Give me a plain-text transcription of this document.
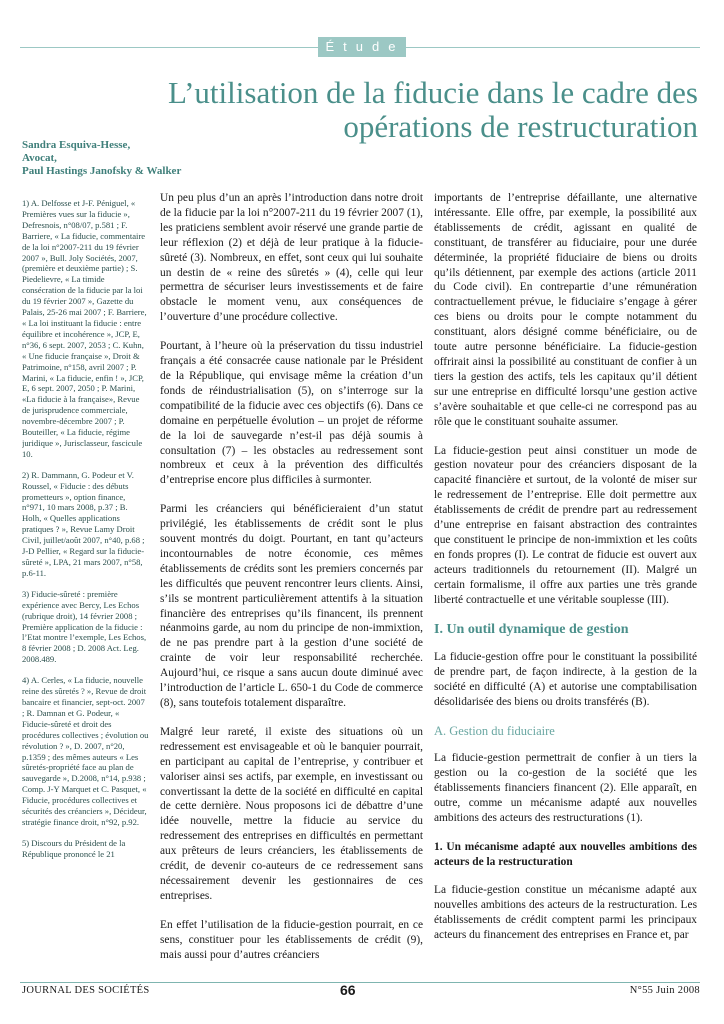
Étude
L’utilisation de la fiducie dans le cadre des opérations de restructuration
Sandra Esquiva-Hesse,
Avocat,
Paul Hastings Janofsky & Walker

1) A. Delfosse et J-F. Péniguel, « Premières vues sur la fiducie », Defresnois, n°08/07, p.581 ; F. Barriere, « La fiducie, commentaire de la loi n°2007-211 du 19 février 2007 », Bull. Joly Sociétés, 2007, (première et deuxième partie) ; S. Piedelievre, « La timide consécration de la fiducie par la loi du 19 février 2007 », Gazette du Palais, 25-26 mai 2007 ; F. Barriere, « La loi instituant la fiducie : entre équilibre et incohérence », JCP, E, n°36, 6 sept. 2007, 2053 ; C. Kuhn, « Une fiducie française », Droit & Patrimoine, n°158, avril 2007 ; P. Marini, « La fiducie, enfin ! », JCP, E, 6 sept. 2007, 2050 ; P. Marini, «La fiducie à la française», Revue de jurisprudence commerciale, novembre-décembre 2007 ; P. Bouteiller, « La fiducie, régime juridique », Jurisclasseur, fascicule 10.

2) R. Dammann, G. Podeur et V. Roussel, « Fiducie : des débuts prometteurs », option finance, n°971, 10 mars 2008, p.37 ; B. Holh, « Quelles applications pratiques ? », Revue Lamy Droit Civil, juillet/août 2007, n°40, p.68 ; J-D Pellier, « Regard sur la fiducie-sûreté », LPA, 21 mars 2007, n°58, p.6-11.

3) Fiducie-sûreté : première expérience avec Bercy, Les Echos (rubrique droit), 14 février 2008 ; Première application de la fiducie : l’Etat montre l’exemple, Les Echos, 8 février 2008 ; D. 2008 Act. Leg. 2008.489.

4) A. Cerles, « La fiducie, nouvelle reine des sûretés ? », Revue de droit bancaire et financier, sept-oct. 2007 ; R. Damnan et G. Podeur, « Fiducie-sûreté et droit des procédures collectives ; évolution ou révolution ? », D. 2007, n°20, p.1359 ; des mêmes auteurs « Les sûretés-propriété face au plan de sauvegarde », D.2008, n°14, p.938 ; Comp. J-Y Marquet et C. Pasquet, « Fiducie, procédures collectives et sécurités des créanciers », Décideur, stratégie finance droit, n°92, p.92.

5) Discours du Président de la République prononcé le 21

Un peu plus d’un an après l’introduction dans notre droit de la fiducie par la loi n°2007-211 du 19 février 2007 (1), les praticiens semblent avoir réservé une grande partie de leur réflexion (2) et déjà de leur pratique à la fiducie-sûreté (3). Nombreux, en effet, sont ceux qui lui souhaite un destin de « reine des sûretés » (4), celle qui leur permettra de sécuriser leurs investissements et de faire obstacle le moment venu, aux conséquences de l’ouverture d’une procédure collective.

Pourtant, à l’heure où la préservation du tissu industriel français a été consacrée cause nationale par le Président de la République, qui envisage même la création d’un fonds de réindustrialisation (5), on s’interroge sur la compatibilité de la fiducie avec ces objectifs (6). Dans ce domaine en perpétuelle évolution – un projet de réforme de la loi de sauvegarde n’est-il pas déjà soumis à consultation (7) – les obstacles au redressement sont nombreux et ceux à la prévention des difficultés d’entreprise encore plus difficiles à surmonter.

Parmi les créanciers qui bénéficieraient d’un statut privilégié, les établissements de crédit sont le plus souvent montrés du doigt. Pourtant, en tant qu’acteurs incontournables de notre économie, ces mêmes établissements de crédits sont les premiers concernés par les difficultés que peuvent rencontrer leurs clients. Ainsi, s’ils se montrent particulièrement attentifs à la situation financière des entreprises qu’ils financent, ils prennent néanmoins garde, au nom du principe de non-immixtion, de ne pas prendre part à la gestion d’une société de crainte de voir leur responsabilité recherchée. Aujourd’hui, ce risque a sans aucun doute diminué avec l’introduction de l’article L. 650-1 du Code de commerce (8), sans toutefois totalement disparaître.

Malgré leur rareté, il existe des situations où un redressement est envisageable et où le banquier pourrait, en participant au capital de l’entreprise, y contribuer et valoriser ainsi ses actifs, par exemple, en investissant ou convertissant la dette de la société en difficulté en capital de cette dernière. Nous proposons ici de débattre d’une idée nouvelle, mettre la fiducie au service du redressement des entreprises en difficultés en permettant aux prêteurs de leurs créanciers, les établissements de crédit, de devenir co-auteurs de ce redressement sans nécessairement devenir les gestionnaires de ces entreprises.

En effet l’utilisation de la fiducie-gestion pourrait, en ce sens, constituer pour les établissements de crédit (9), mais aussi pour d’autres créanciers

importants de l’entreprise défaillante, une alternative intéressante. Elle offre, par exemple, la possibilité aux établissements de crédit, agissant en qualité de constituant, de transférer au fiduciaire, pour une durée déterminée, la propriété fiduciaire de biens ou droits qu’ils détiennent, par exemple des actions (article 2011 du Code civil). En contrepartie d’une rémunération contractuellement prévue, le fiduciaire s’engage à gérer ces biens ou droits pour le compte notamment du constituant, alors désigné comme bénéficiaire, ou de toute autre personne bénéficiaire. La fiducie-gestion offrirait ainsi la possibilité au constituant de confier à un tiers la gestion des actifs, tels les capitaux qu’il détient sur une entreprise en difficulté lorsqu’une gestion active s’avère souhaitable et que celle-ci ne correspond pas au rôle que le constituant souhaite assumer.

La fiducie-gestion peut ainsi constituer un mode de gestion novateur pour des créanciers disposant de la capacité financière et surtout, de la volonté de miser sur le redressement de l’entreprise. Elle doit permettre aux établissements de crédit de prendre part au redressement d’une entreprise en faisant abstraction des contraintes que constituent le principe de non-immixtion et les coûts en fonds propres (I). Le contrat de fiducie est ouvert aux acteurs traditionnels du retournement (II). Malgré un certain formalisme, il offre aux parties une très grande liberté contractuelle et une véritable souplesse (III).

I. Un outil dynamique de gestion

La fiducie-gestion offre pour le constituant la possibilité de prendre part, de façon indirecte, à la gestion de la société en difficulté (A) et autorise une comptabilisation désolidarisée des biens ou droits transférés (B).

A. Gestion du fiduciaire

La fiducie-gestion permettrait de confier à un tiers la gestion ou la co-gestion de la société que les établissements financiers financent (2). Elle apparaît, en outre, comme un mécanisme adapté aux nouvelles ambitions des acteurs des restructurations (1).

1. Un mécanisme adapté aux nouvelles ambitions des acteurs de la restructuration

La fiducie-gestion constitue un mécanisme adapté aux nouvelles ambitions des acteurs de la restructuration. Les établissements de crédit comptent parmi les principaux acteurs du financement des entreprises en France et, par

JOURNAL DES SOCIÉTÉS	66	N°55 Juin 2008
